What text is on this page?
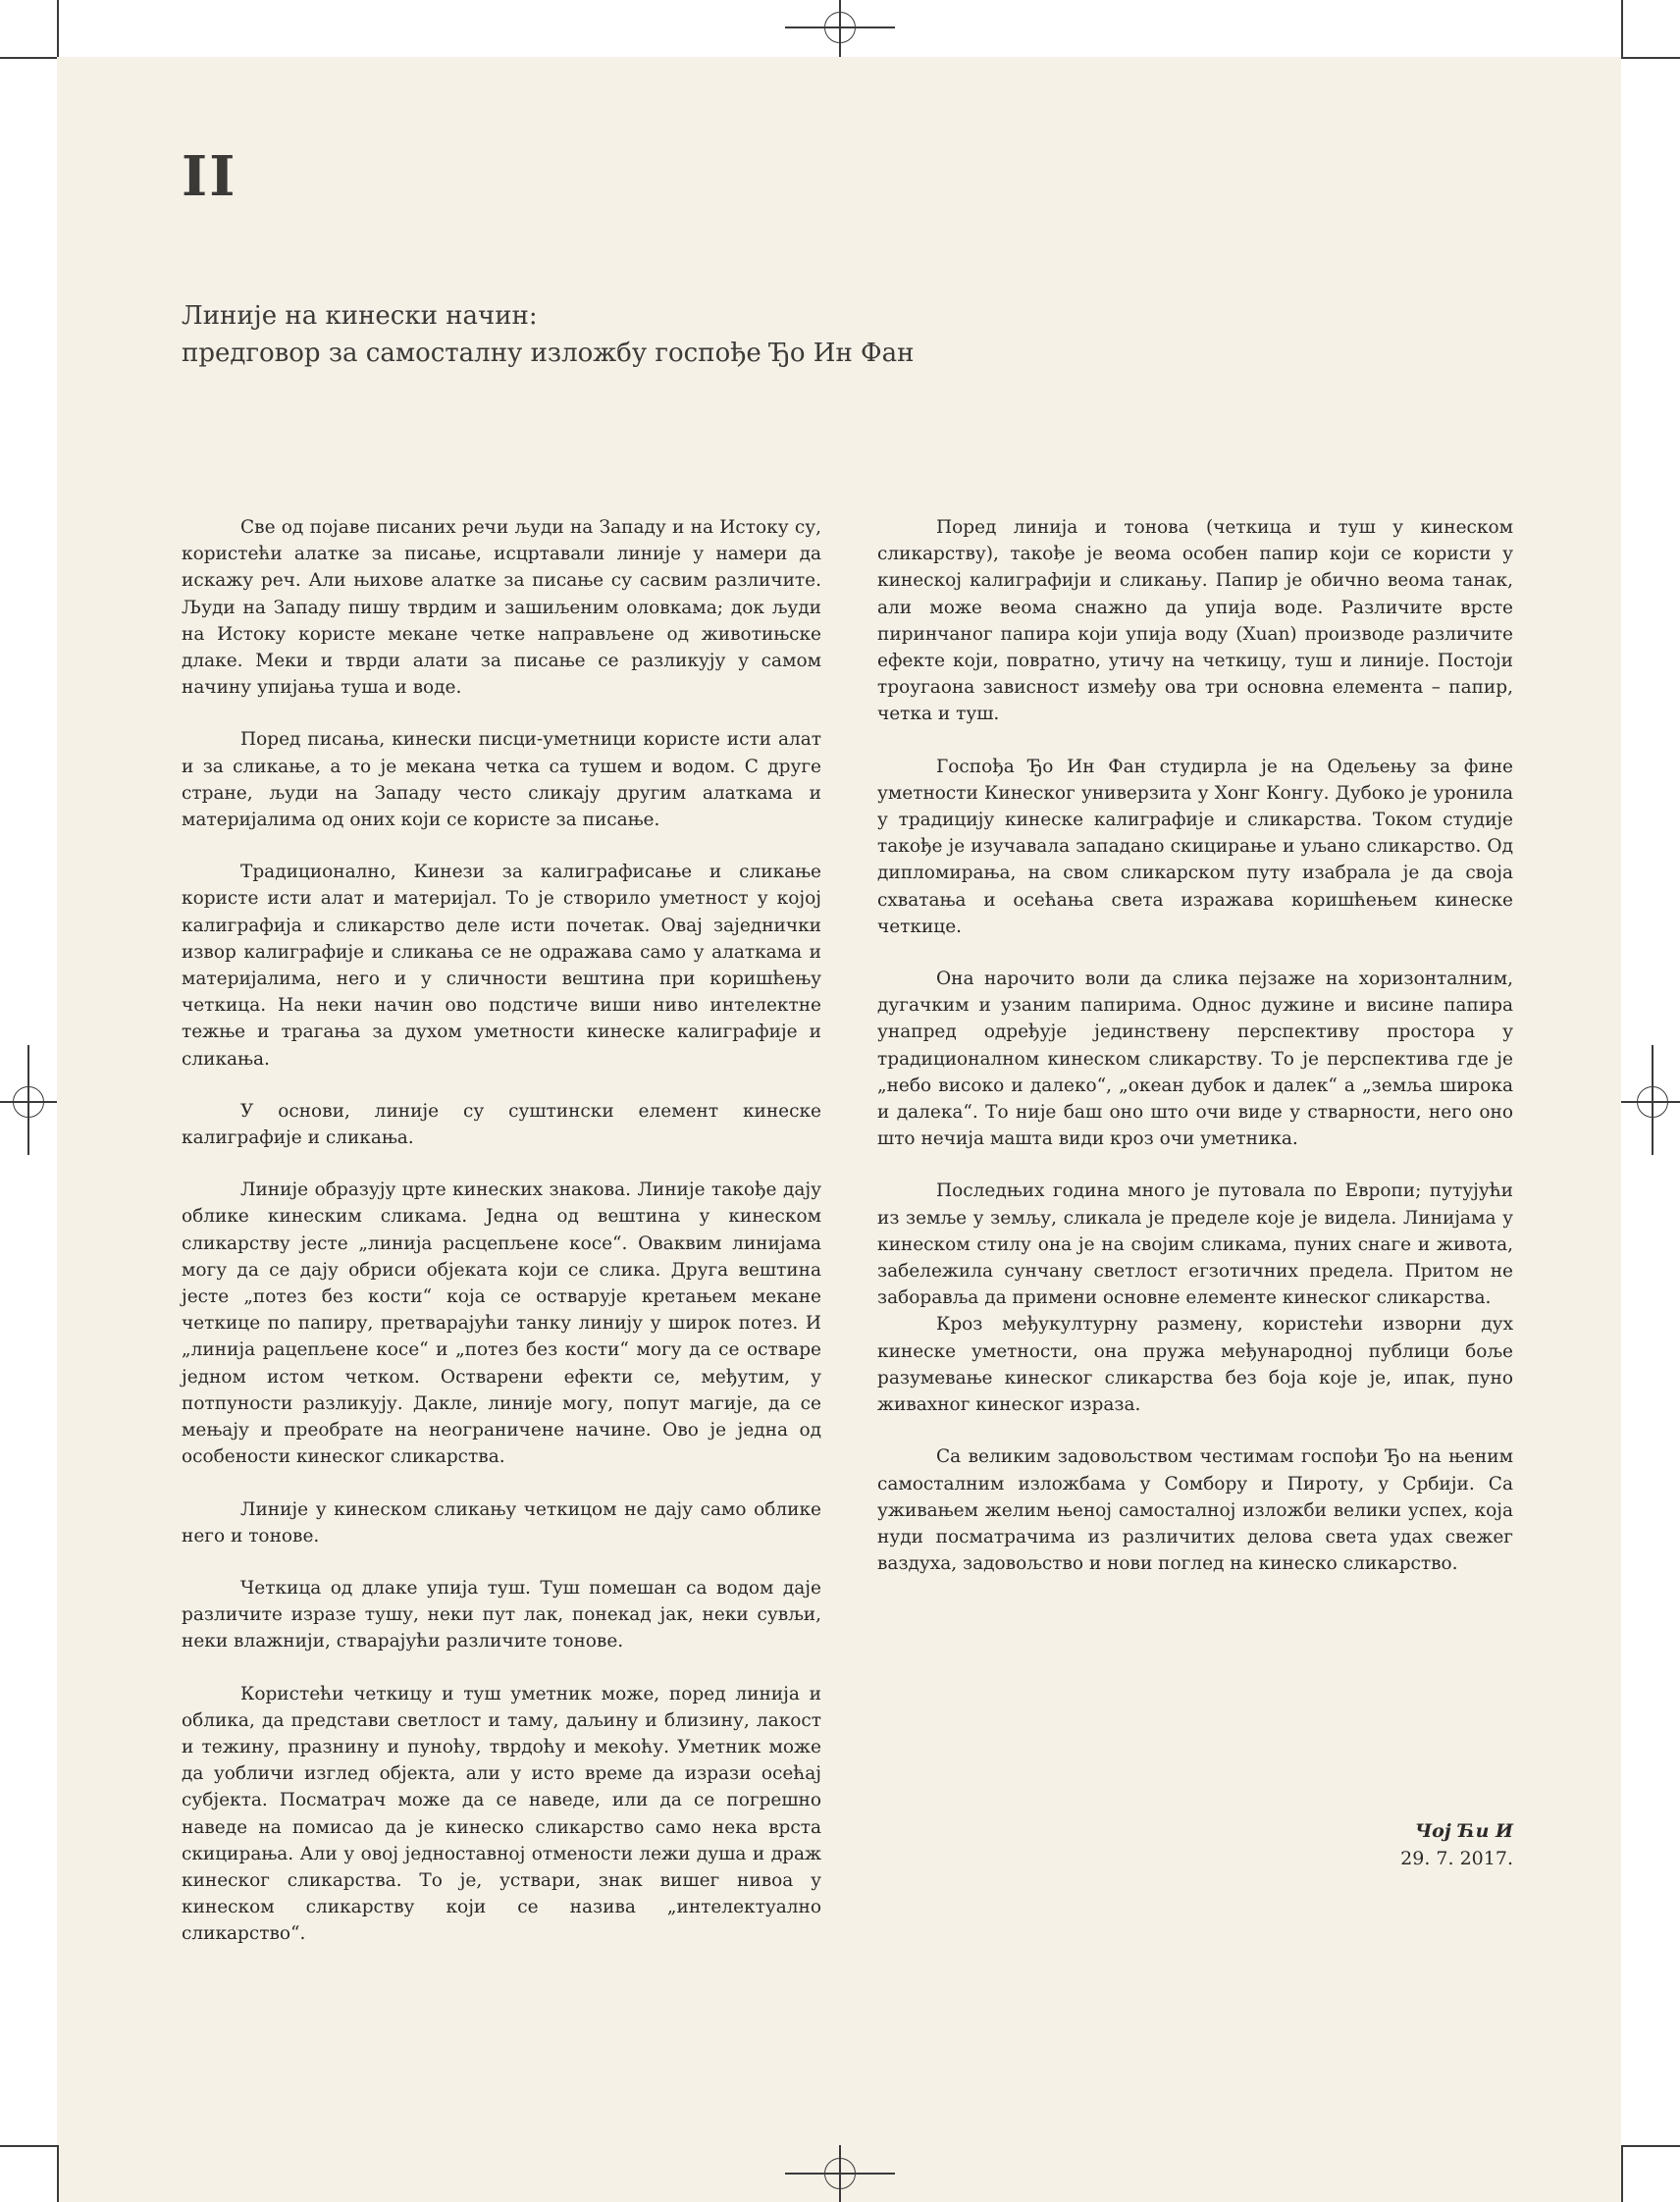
II
Линије на кинески начин:
предговор за самосталну изложбу госпође Ђо Ин Фан

Све од појаве писаних речи људи на Западу и на Истоку су, користећи алатке за писање, исцртавали линије у намери да искажу реч. Али њихове алатке за писање су сасвим различите. Људи на Западу пишу тврдим и зашиљеним оловкама; док људи на Истоку користе мекане четке направљене од животињске длаке. Меки и тврди алати за писање се разликују у самом начину упијања туша и воде.

Поред писања, кинески писци-уметници користе исти алат и за сликање, а то је мекана четка са тушем и водом. С друге стране, људи на Западу често сликају другим алаткама и материјалима од оних који се користе за писање.

Традиционално, Кинези за калиграфисање и сликање користе исти алат и материјал. То је створило уметност у којој калиграфија и сликарство деле исти почетак. Овај заједнички извор калиграфије и сликања се не одражава само у алаткама и материјалима, него и у сличности вештина при коришћењу четкица. На неки начин ово подстиче виши ниво интелектне тежње и трагања за духом уметности кинеске калиграфије и сликања.

У основи, линије су суштински елемент кинеске калиграфије и сликања.

Линије образују црте кинеских знакова. Линије такође дају облике кинеским сликама. Једна од вештина у кинеском сликарству јесте „линија расцепљене косе“. Оваквим линијама могу да се дају обриси објеката који се слика. Друга вештина јесте „потез без кости“ која се остварује кретањем мекане четкице по папиру, претварајући танку линију у широк потез. И „линија рацепљене косе“ и „потез без кости“ могу да се остваре једном истом четком. Остварени ефекти се, међутим, у потпуности разликују. Дакле, линије могу, попут магије, да се мењају и преобрате на неограничене начине. Ово је једна од особености кинеског сликарства.

Линије у кинеском сликању четкицом не дају само облике него и тонове.

Четкица од длаке упија туш. Туш помешан са водом даје различите изразе тушу, неки пут лак, понекад јак, неки сувљи, неки влажнији, стварајући различите тонове.

Користећи четкицу и туш уметник може, поред линија и облика, да представи светлост и таму, даљину и близину, лакост и тежину, празнину и пуноћу, тврдоћу и мекоћу. Уметник може да уобличи изглед објекта, али у исто време да изрази осећај субјекта. Посматрач може да се наведе, или да се погрешно наведе на помисао да је кинеско сликарство само нека врста скицирања. Али у овој једноставној отмености лежи душа и драж кинеског сликарства. То је, уствари, знак вишег нивоа у кинеском сликарству који се назива „интелектуално сликарство“.

Поред линија и тонова (четкица и туш у кинеском сликарству), такође је веома особен папир који се користи у кинеској калиграфији и сликању. Папир је обично веома танак, али може веома снажно да упија воде. Различите врсте пиринчаног папира који упија воду (Xuan) производе различите ефекте који, повратно, утичу на четкицу, туш и линије. Постоји троугаона зависност између ова три основна елемента – папир, четка и туш.

Госпођа Ђо Ин Фан студирла је на Одељењу за фине уметности Кинеског универзита у Хонг Конгу. Дубоко је уронила у традицију кинеске калиграфије и сликарства. Током студије такође је изучавала западано скицирање и уљано сликарство. Од дипломирања, на свом сликарском путу изабрала је да своја схватања и осећања света изражава коришћењем кинеске четкице.

Она нарочито воли да слика пејзаже на хоризонталним, дугачким и узаним папирима. Однос дужине и висине папира унапред одређује јединствену перспективу простора у традиционалном кинеском сликарству. То је перспектива где је „небо високо и далеко“, „океан дубок и далек“ а „земља широка и далека“. То није баш оно што очи виде у стварности, него оно што нечија машта види кроз очи уметника.

Последњих година много је путовала по Европи; путујући из земље у земљу, сликала је пределе које је видела. Линијама у кинеском стилу она је на својим сликама, пуних снаге и живота, забележила сунчану светлост егзотичних предела. Притом не заборавља да примени основне елементе кинеског сликарства.

Кроз међукултурну размену, користећи изворни дух кинеске уметности, она пружа међународној публици боље разумевање кинеског сликарства без боја које је, ипак, пуно живахног кинеског израза.

Са великим задовољством честимам госпођи Ђо на њеним самосталним изложбама у Сомбору и Пироту, у Србији. Са уживањем желим њеној самосталној изложби велики успех, која нуди посматрачима из различитих делова света удах свежег ваздуха, задовољство и нови поглед на кинеско сликарство.

Чој Ћи И
29. 7. 2017.
